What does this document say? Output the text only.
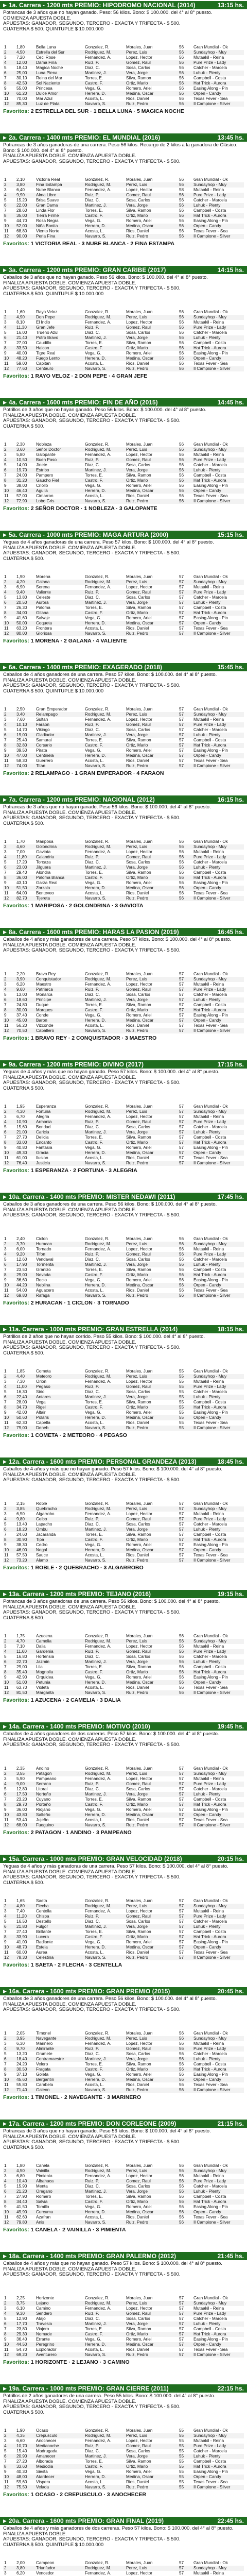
▶ 1a. Carrera - 1200 mts PREMIO: HIPODROMO NACIONAL (2014)	13:15 hs.
Potrancas de 3 años que no hayan ganado. Peso: 56 kilos. Bono: $ 100.000. del 4° al 8° puesto.
COMIENZA APUESTA DOBLE.
APUESTAS: GANADOR, SEGUNDO, TERCERO - EXACTA Y TRIFECTA - $ 500.
CUATERNA $ 500. QUINTUPLE $ 10.000.000
1	1,80	Bella Luna	Gonzalez, R.	Morales, Juan	56	Gran Mundial - Ok
2	4,50	Estrella del Sur	Rodriguez, M.	Perez, Luis	56	Sundayhop - Muy
3	7,20	Ceci Rose	Fernandez, A.	Lopez, Hector	56	Mutaakil - Reina
4	12,00	Dama Fina	Ruiz, P.	Gomez, Raul	56	Pure Prize - Lady
5	18,40	Magica Noche	Diaz, C.	Sosa, Carlos	56	Catcher - Marcela
6	25,00	Luna Plena	Martinez, J.	Vera, Jorge	56	Luhuk - Plenty
7	30,10	Reina del Mar	Torres, E.	Silva, Ramon	56	Campbell - Costa
8	42,50	Sol Naciente	Castro, F.	Ortiz, Mario	56	Hat Trick - Aurora
9	55,00	Princesa	Vega, G.	Romero, Ariel	56	Easing Along - Pin
10	61,20	Dulce Amor	Herrera, D.	Medina, Oscar	56	Orpen - Candy
11	70,00	Mar Azul	Acosta, L.	Rios, Daniel	56	Texas Fever - Sea
12	85,30	Luz de Plata	Navarro, S.	Ruiz, Pedro	56	Il Campione - Silver
Favoritos: 2 ESTRELLA DEL SUR · 1 BELLA LUNA · 5 MAGICA NOCHE
▶ 2a. Carrera - 1400 mts PREMIO: EL MUNDIAL (2016)	13:45 hs.
Potrancas de 3 años ganadoras de una carrera. Peso 56 kilos. Recargo de 2 kilos a la ganadora de Clásico.
Bono: $ 100.000. del 4° al 8° puesto.
FINALIZA APUESTA DOBLE. COMIENZA APUESTA DOBLE.
APUESTAS: GANADOR, SEGUNDO, TERCERO - EXACTA Y TRIFECTA - $ 500.
1	2,10	Victoria Real	Gonzalez, R.	Morales, Juan	56	Gran Mundial - Ok
2	3,80	Fina Estampa	Rodriguez, M.	Perez, Luis	56	Sundayhop - Muy
3	6,40	Nube Blanca	Fernandez, A.	Lopez, Hector	58	Mutaakil - Reina
4	9,90	Alma Libre	Ruiz, P.	Gomez, Raul	56	Pure Prize - Lady
5	15,20	Brisa Suave	Diaz, C.	Sosa, Carlos	56	Catcher - Marcela
6	22,00	Gran Dama	Martinez, J.	Vera, Jorge	56	Luhuk - Plenty
7	28,60	Linda Flor	Torres, E.	Silva, Ramon	56	Campbell - Costa
8	35,00	Tierra Firme	Castro, F.	Ortiz, Mario	56	Hat Trick - Aurora
9	44,70	Rosa Negra	Vega, G.	Romero, Ariel	56	Easing Along - Pin
10	52,00	Niña Bonita	Herrera, D.	Medina, Oscar	56	Orpen - Candy
11	68,80	Viento Norte	Acosta, L.	Rios, Daniel	56	Texas Fever - Sea
12	90,00	Perla Fina	Navarro, S.	Ruiz, Pedro	56	Il Campione - Silver
Favoritos: 1 VICTORIA REAL · 3 NUBE BLANCA · 2 FINA ESTAMPA
▶ 3a. Carrera - 1200 mts PREMIO: GRAN CARIBE (2017)	14:15 hs.
Caballos de 3 años que no hayan ganado. Peso 56 kilos. Bono: $ 100.000. del 4° al 8° puesto.
FINALIZA APUESTA DOBLE. COMIENZA APUESTA DOBLE.
APUESTAS: GANADOR, SEGUNDO, TERCERO - EXACTA Y TRIFECTA - $ 500.
CUATERNA $ 500. QUINTUPLE $ 10.000.000
1	1,60	Rayo Veloz	Gonzalez, R.	Morales, Juan	56	Gran Mundial - Ok
2	4,90	Don Pepe	Rodriguez, M.	Perez, Luis	56	Sundayhop - Muy
3	8,10	El Indio	Fernandez, A.	Lopez, Hector	56	Mutaakil - Reina
4	11,30	Gran Jefe	Ruiz, P.	Gomez, Raul	56	Pure Prize - Lady
5	16,00	Trueno Azul	Diaz, C.	Sosa, Carlos	56	Catcher - Marcela
6	21,40	Potro Bravo	Martinez, J.	Vera, Jorge	56	Luhuk - Plenty
7	27,00	Caudillo	Torres, E.	Silva, Ramon	56	Campbell - Costa
8	33,50	Halcon	Castro, F.	Ortiz, Mario	56	Hat Trick - Aurora
9	40,00	Tigre Real	Vega, G.	Romero, Ariel	56	Easing Along - Pin
10	48,20	Fuego Lento	Herrera, D.	Medina, Oscar	56	Orpen - Candy
11	59,00	Capitan	Acosta, L.	Rios, Daniel	56	Texas Fever - Sea
12	77,60	Centauro	Navarro, S.	Ruiz, Pedro	56	Il Campione - Silver
Favoritos: 1 RAYO VELOZ · 2 DON PEPE · 4 GRAN JEFE
▶ 4a. Carrera - 1600 mts PREMIO: FIN DE AÑO (2015)	14:45 hs.
Potrillos de 3 años que no hayan ganado. Peso 56 kilos. Bono: $ 100.000. del 4° al 8° puesto.
FINALIZA APUESTA DOBLE. COMIENZA APUESTA DOBLE.
APUESTAS: GANADOR, SEGUNDO, TERCERO - EXACTA Y TRIFECTA - $ 500.
CUATERNA $ 500.
1	2,30	Nobleza	Gonzalez, R.	Morales, Juan	56	Gran Mundial - Ok
2	3,60	Señor Doctor	Rodriguez, M.	Perez, Luis	56	Sundayhop - Muy
3	5,80	Galopante	Fernandez, A.	Lopez, Hector	56	Mutaakil - Reina
4	10,50	Buen Paso	Ruiz, P.	Gomez, Raul	56	Pure Prize - Lady
5	14,00	Jinete	Diaz, C.	Sosa, Carlos	56	Catcher - Marcela
6	19,70	Estribo	Martinez, J.	Vera, Jorge	56	Luhuk - Plenty
7	24,00	Pampero	Torres, E.	Silva, Ramon	56	Campbell - Costa
8	31,20	Gaucho Fiel	Castro, F.	Ortiz, Mario	56	Hat Trick - Aurora
9	38,00	Criollo	Vega, G.	Romero, Ariel	56	Easing Along - Pin
10	46,40	Aguila	Herrera, D.	Medina, Oscar	56	Orpen - Candy
11	57,00	Cimarron	Acosta, L.	Rios, Daniel	56	Texas Fever - Sea
12	72,90	Lobo Gris	Navarro, S.	Ruiz, Pedro	56	Il Campione - Silver
Favoritos: 2 SEÑOR DOCTOR · 1 NOBLEZA · 3 GALOPANTE
▶ 5a. Carrera - 1000 mts PREMIO: MAGA ARTURA (2000)	15:15 hs.
Yeguas de 4 años ganadoras de una carrera. Peso 57 kilos. Bono: $ 100.000. del 4° al 8° puesto.
FINALIZA APUESTA DOBLE. COMIENZA APUESTA DOBLE.
APUESTAS: GANADOR, SEGUNDO, TERCERO - EXACTA Y TRIFECTA - $ 500.
CUATERNA $ 500.
1	1,90	Morena	Gonzalez, R.	Morales, Juan	57	Gran Mundial - Ok
2	4,20	Galana	Rodriguez, M.	Perez, Luis	57	Sundayhop - Muy
3	6,90	Serena	Fernandez, A.	Lopez, Hector	57	Mutaakil - Reina
4	9,40	Valiente	Ruiz, P.	Gomez, Raul	57	Pure Prize - Lady
5	13,80	Celeste	Diaz, C.	Sosa, Carlos	57	Catcher - Marcela
6	20,50	Aurora	Martinez, J.	Vera, Jorge	57	Luhuk - Plenty
7	26,30	Paloma	Torres, E.	Silva, Ramon	57	Campbell - Costa
8	34,00	Gitana	Castro, F.	Ortiz, Mario	57	Hat Trick - Aurora
9	41,60	Salvaje	Vega, G.	Romero, Ariel	57	Easing Along - Pin
10	50,00	Coqueta	Herrera, D.	Medina, Oscar	57	Orpen - Candy
11	63,20	Frontera	Acosta, L.	Rios, Daniel	57	Texas Fever - Sea
12	80,00	Gloriosa	Navarro, S.	Ruiz, Pedro	57	Il Campione - Silver
Favoritos: 1 MORENA · 2 GALANA · 4 VALIENTE
▶ 6a. Carrera - 1400 mts PREMIO: EXAGERADO (2018)	15:45 hs.
Caballos de 4 años ganadores de una carrera. Peso 57 kilos. Bono: $ 100.000. del 4° al 8° puesto.
FINALIZA APUESTA DOBLE. COMIENZA APUESTA DOBLE.
APUESTAS: GANADOR, SEGUNDO, TERCERO - EXACTA Y TRIFECTA - $ 500.
CUATERNA $ 500. QUINTUPLE $ 10.000.000
1	2,50	Gran Emperador	Gonzalez, R.	Morales, Juan	57	Gran Mundial - Ok
2	3,40	Relampago	Rodriguez, M.	Perez, Luis	57	Sundayhop - Muy
3	7,60	Sultan	Fernandez, A.	Lopez, Hector	57	Mutaakil - Reina
4	10,10	Faraon	Ruiz, P.	Gomez, Raul	57	Pure Prize - Lady
5	14,70	Vikingo	Diaz, C.	Sosa, Carlos	57	Catcher - Marcela
6	19,00	Gladiador	Martinez, J.	Vera, Jorge	57	Luhuk - Plenty
7	25,40	Samurai	Torres, E.	Silva, Ramon	57	Campbell - Costa
8	32,80	Corsario	Castro, F.	Ortiz, Mario	57	Hat Trick - Aurora
9	39,50	Pirata	Vega, G.	Romero, Ariel	57	Easing Along - Pin
10	47,00	Centinela	Herrera, D.	Medina, Oscar	57	Orpen - Candy
11	58,30	Guerrero	Acosta, L.	Rios, Daniel	57	Texas Fever - Sea
12	74,00	Titan	Navarro, S.	Ruiz, Pedro	57	Il Campione - Silver
Favoritos: 2 RELAMPAGO · 1 GRAN EMPERADOR · 4 FARAON
▶ 7a. Carrera - 1200 mts PREMIO: NACIONAL (2012)	16:15 hs.
Potrancas de 3 años que no hayan ganado. Peso 56 kilos. Bono: $ 100.000. del 4° al 8° puesto.
FINALIZA APUESTA DOBLE. COMIENZA APUESTA DOBLE.
APUESTAS: GANADOR, SEGUNDO, TERCERO - EXACTA Y TRIFECTA - $ 500.
CUATERNA $ 500.
1	1,70	Mariposa	Gonzalez, R.	Morales, Juan	56	Gran Mundial - Ok
2	4,60	Golondrina	Rodriguez, M.	Perez, Luis	56	Sundayhop - Muy
3	7,00	Gaviota	Fernandez, A.	Lopez, Hector	56	Mutaakil - Reina
4	11,80	Calandria	Ruiz, P.	Gomez, Raul	56	Pure Prize - Lady
5	17,20	Torcaza	Diaz, C.	Sosa, Carlos	56	Catcher - Marcela
6	23,00	Jilguera	Martinez, J.	Vera, Jorge	56	Luhuk - Plenty
7	29,40	Alondra	Torres, E.	Silva, Ramon	56	Campbell - Costa
8	36,00	Paloma Blanca	Castro, F.	Ortiz, Mario	56	Hat Trick - Aurora
9	43,10	Garza Real	Vega, G.	Romero, Ariel	56	Easing Along - Pin
10	51,50	Zorzala	Herrera, D.	Medina, Oscar	56	Orpen - Candy
11	64,00	Benteveo	Acosta, L.	Rios, Daniel	56	Texas Fever - Sea
12	82,70	Tijereta	Navarro, S.	Ruiz, Pedro	56	Il Campione - Silver
Favoritos: 1 MARIPOSA · 2 GOLONDRINA · 3 GAVIOTA
▶ 8a. Carrera - 1600 mts PREMIO: HARAS LA PASION (2019)	16:45 hs.
Caballos de 4 años y más ganadores de una carrera. Peso 57 kilos. Bono: $ 100.000. del 4° al 8° puesto.
FINALIZA APUESTA DOBLE. COMIENZA APUESTA DOBLE.
APUESTAS: GANADOR, SEGUNDO, TERCERO - EXACTA Y TRIFECTA - $ 500.
1	2,20	Bravo Rey	Gonzalez, R.	Morales, Juan	57	Gran Mundial - Ok
2	3,90	Conquistador	Rodriguez, M.	Perez, Luis	57	Sundayhop - Muy
3	6,20	Maestro	Fernandez, A.	Lopez, Hector	57	Mutaakil - Reina
4	9,60	Patriarca	Ruiz, P.	Gomez, Raul	57	Pure Prize - Lady
5	13,00	Monarca	Diaz, C.	Sosa, Carlos	57	Catcher - Marcela
6	18,60	Principe	Martinez, J.	Vera, Jorge	57	Luhuk - Plenty
7	24,80	Duque	Torres, E.	Silva, Ramon	57	Campbell - Costa
8	30,00	Marques	Castro, F.	Ortiz, Mario	57	Hat Trick - Aurora
9	37,40	Conde	Vega, G.	Romero, Ariel	57	Easing Along - Pin
10	45,00	Baron	Herrera, D.	Medina, Oscar	57	Orpen - Candy
11	56,20	Vizconde	Acosta, L.	Rios, Daniel	57	Texas Fever - Sea
12	70,50	Caballero	Navarro, S.	Ruiz, Pedro	57	Il Campione - Silver
Favoritos: 1 BRAVO REY · 2 CONQUISTADOR · 3 MAESTRO
▶ 9a. Carrera - 1200 mts PREMIO: DIVINO (2017)	17:15 hs.
Yeguas de 4 años y más que no hayan ganado. Peso 57 kilos. Bono: $ 100.000. del 4° al 8° puesto.
FINALIZA APUESTA DOBLE. COMIENZA APUESTA DOBLE.
APUESTAS: GANADOR, SEGUNDO, TERCERO - EXACTA Y TRIFECTA - $ 500.
CUATERNA $ 500.
1	1,95	Esperanza	Gonzalez, R.	Morales, Juan	57	Gran Mundial - Ok
2	4,30	Fortuna	Rodriguez, M.	Perez, Luis	57	Sundayhop - Muy
3	6,70	Alegria	Fernandez, A.	Lopez, Hector	57	Mutaakil - Reina
4	10,90	Armonia	Ruiz, P.	Gomez, Raul	57	Pure Prize - Lady
5	15,60	Bondad	Diaz, C.	Sosa, Carlos	57	Catcher - Marcela
6	21,00	Caricia	Martinez, J.	Vera, Jorge	57	Luhuk - Plenty
7	27,70	Delicia	Torres, E.	Silva, Ramon	57	Campbell - Costa
8	33,00	Encanto	Castro, F.	Ortiz, Mario	57	Hat Trick - Aurora
9	40,80	Fantasia	Vega, G.	Romero, Ariel	57	Easing Along - Pin
10	49,30	Gracia	Herrera, D.	Medina, Oscar	57	Orpen - Candy
11	61,00	Ilusion	Acosta, L.	Rios, Daniel	57	Texas Fever - Sea
12	76,40	Justicia	Navarro, S.	Ruiz, Pedro	57	Il Campione - Silver
Favoritos: 1 ESPERANZA · 2 FORTUNA · 3 ALEGRIA
▶ 10a. Carrera - 1400 mts PREMIO: MISTER NEDAWI (2011)	17:45 hs.
Caballos de 3 años ganadores de una carrera. Peso 56 kilos. Bono: $ 100.000. del 4° al 8° puesto.
FINALIZA APUESTA DOBLE. COMIENZA APUESTA DOBLE.
APUESTAS: GANADOR, SEGUNDO, TERCERO - EXACTA Y TRIFECTA - $ 500.
1	2,40	Ciclon	Gonzalez, R.	Morales, Juan	56	Gran Mundial - Ok
2	3,70	Huracan	Rodriguez, M.	Perez, Luis	56	Sundayhop - Muy
3	6,00	Tornado	Fernandez, A.	Lopez, Hector	56	Mutaakil - Reina
4	9,20	Tifon	Ruiz, P.	Gomez, Raul	56	Pure Prize - Lady
5	12,60	Vendaval	Diaz, C.	Sosa, Carlos	56	Catcher - Marcela
6	17,90	Tormenta	Martinez, J.	Vera, Jorge	56	Luhuk - Plenty
7	23,50	Granizo	Torres, E.	Silva, Ramon	56	Campbell - Costa
8	29,00	Nevada	Castro, F.	Ortiz, Mario	56	Hat Trick - Aurora
9	36,60	Rocio	Vega, G.	Romero, Ariel	56	Easing Along - Pin
10	44,20	Neblina	Herrera, D.	Medina, Oscar	56	Orpen - Candy
11	54,00	Aguacero	Acosta, L.	Rios, Daniel	56	Texas Fever - Sea
12	69,80	Rafaga	Navarro, S.	Ruiz, Pedro	56	Il Campione - Silver
Favoritos: 2 HURACAN · 1 CICLON · 3 TORNADO
▶ 11a. Carrera - 1000 mts PREMIO: GRAN ESTRELLA (2014)	18:15 hs.
Potrillos de 2 años que no hayan corrido. Peso 55 kilos. Bono: $ 100.000. del 4° al 8° puesto.
FINALIZA APUESTA DOBLE. COMIENZA APUESTA DOBLE.
APUESTAS: GANADOR, SEGUNDO, TERCERO - EXACTA Y TRIFECTA - $ 500.
CUATERNA $ 500.
1	1,85	Cometa	Gonzalez, R.	Morales, Juan	55	Gran Mundial - Ok
2	4,40	Meteoro	Rodriguez, M.	Perez, Luis	55	Sundayhop - Muy
3	7,30	Orion	Fernandez, A.	Lopez, Hector	55	Mutaakil - Reina
4	11,00	Pegaso	Ruiz, P.	Gomez, Raul	55	Pure Prize - Lady
5	16,30	Sirio	Diaz, C.	Sosa, Carlos	55	Catcher - Marcela
6	22,40	Antares	Martinez, J.	Vera, Jorge	55	Luhuk - Plenty
7	28,00	Vega	Torres, E.	Silva, Ramon	55	Campbell - Costa
8	34,70	Rigel	Castro, F.	Ortiz, Mario	55	Hat Trick - Aurora
9	42,00	Altair	Vega, G.	Romero, Ariel	55	Easing Along - Pin
10	50,60	Polaris	Herrera, D.	Medina, Oscar	55	Orpen - Candy
11	62,30	Capella	Acosta, L.	Rios, Daniel	55	Texas Fever - Sea
12	79,00	Deneb	Navarro, S.	Ruiz, Pedro	55	Il Campione - Silver
Favoritos: 1 COMETA · 2 METEORO · 4 PEGASO
▶ 12a. Carrera - 1600 mts PREMIO: PERSONAL GRANDEZA (2013)	18:45 hs.
Caballos de 4 años y más que no hayan ganado. Peso 57 kilos. Bono: $ 100.000. del 4° al 8° puesto.
FINALIZA APUESTA DOBLE. COMIENZA APUESTA DOBLE.
APUESTAS: GANADOR, SEGUNDO, TERCERO - EXACTA Y TRIFECTA - $ 500.
1	2,15	Roble	Gonzalez, R.	Morales, Juan	57	Gran Mundial - Ok
2	3,85	Quebracho	Rodriguez, M.	Perez, Luis	57	Sundayhop - Muy
3	6,50	Algarrobo	Fernandez, A.	Lopez, Hector	57	Mutaakil - Reina
4	9,80	Ceibo	Ruiz, P.	Gomez, Raul	57	Pure Prize - Lady
5	13,40	Lapacho	Diaz, C.	Sosa, Carlos	57	Catcher - Marcela
6	18,20	Ombu	Martinez, J.	Vera, Jorge	57	Luhuk - Plenty
7	24,60	Jacaranda	Torres, E.	Silva, Ramon	57	Campbell - Costa
8	30,90	Tipa	Castro, F.	Ortiz, Mario	57	Hat Trick - Aurora
9	38,30	Cedro	Vega, G.	Romero, Ariel	57	Easing Along - Pin
10	46,00	Nogal	Herrera, D.	Medina, Oscar	57	Orpen - Candy
11	57,50	Sauce	Acosta, L.	Rios, Daniel	57	Texas Fever - Sea
12	73,20	Alamo	Navarro, S.	Ruiz, Pedro	57	Il Campione - Silver
Favoritos: 1 ROBLE · 2 QUEBRACHO · 3 ALGARROBO
▶ 13a. Carrera - 1200 mts PREMIO: TEJANO (2016)	19:15 hs.
Potrancas de 3 años ganadoras de una carrera. Peso 56 kilos. Bono: $ 100.000. del 4° al 8° puesto.
FINALIZA APUESTA DOBLE. COMIENZA APUESTA DOBLE.
APUESTAS: GANADOR, SEGUNDO, TERCERO - EXACTA Y TRIFECTA - $ 500.
CUATERNA $ 500.
1	1,75	Azucena	Gonzalez, R.	Morales, Juan	56	Gran Mundial - Ok
2	4,70	Camelia	Rodriguez, M.	Perez, Luis	56	Sundayhop - Muy
3	7,10	Dalia	Fernandez, A.	Lopez, Hector	56	Mutaakil - Reina
4	11,60	Gardenia	Ruiz, P.	Gomez, Raul	56	Pure Prize - Lady
5	16,80	Hortensia	Diaz, C.	Sosa, Carlos	56	Catcher - Marcela
6	22,70	Jazmin	Martinez, J.	Vera, Jorge	56	Luhuk - Plenty
7	29,00	Lila	Torres, E.	Silva, Ramon	56	Campbell - Costa
8	35,40	Magnolia	Castro, F.	Ortiz, Mario	56	Hat Trick - Aurora
9	42,90	Orquidea	Vega, G.	Romero, Ariel	56	Easing Along - Pin
10	51,00	Petunia	Herrera, D.	Medina, Oscar	56	Orpen - Candy
11	63,70	Violeta	Acosta, L.	Rios, Daniel	56	Texas Fever - Sea
12	81,50	Margarita	Navarro, S.	Ruiz, Pedro	56	Il Campione - Silver
Favoritos: 1 AZUCENA · 2 CAMELIA · 3 DALIA
▶ 14a. Carrera - 1400 mts PREMIO: MOTIVO (2010)	19:45 hs.
Caballos de 4 años ganadores de dos carreras. Peso 57 kilos. Bono: $ 100.000. del 4° al 8° puesto.
FINALIZA APUESTA DOBLE. COMIENZA APUESTA DOBLE.
APUESTAS: GANADOR, SEGUNDO, TERCERO - EXACTA Y TRIFECTA - $ 500.
1	2,35	Andino	Gonzalez, R.	Morales, Juan	57	Gran Mundial - Ok
2	3,55	Patagon	Rodriguez, M.	Perez, Luis	57	Sundayhop - Muy
3	5,90	Pampeano	Fernandez, A.	Lopez, Hector	57	Mutaakil - Reina
4	9,00	Serrano	Ruiz, P.	Gomez, Raul	57	Pure Prize - Lady
5	12,80	Litoral	Diaz, C.	Sosa, Carlos	57	Catcher - Marcela
6	17,50	Norteño	Martinez, J.	Vera, Jorge	57	Luhuk - Plenty
7	23,20	Cuyano	Torres, E.	Silva, Ramon	57	Campbell - Costa
8	29,70	Porteño	Castro, F.	Ortiz, Mario	57	Hat Trick - Aurora
9	36,00	Riojano	Vega, G.	Romero, Ariel	57	Easing Along - Pin
10	43,80	Salteño	Herrera, D.	Medina, Oscar	57	Orpen - Candy
11	53,40	Jujeño	Acosta, L.	Rios, Daniel	57	Texas Fever - Sea
12	68,00	Fueguino	Navarro, S.	Ruiz, Pedro	57	Il Campione - Silver
Favoritos: 2 PATAGON · 1 ANDINO · 3 PAMPEANO
▶ 15a. Carrera - 1000 mts PREMIO: GRAN VELOCIDAD (2018)	20:15 hs.
Yeguas de 4 años y más ganadoras de una carrera. Peso 57 kilos. Bono: $ 100.000. del 4° al 8° puesto.
FINALIZA APUESTA DOBLE. COMIENZA APUESTA DOBLE.
APUESTAS: GANADOR, SEGUNDO, TERCERO - EXACTA Y TRIFECTA - $ 500.
CUATERNA $ 500.
1	1,65	Saeta	Gonzalez, R.	Morales, Juan	57	Gran Mundial - Ok
2	4,80	Flecha	Rodriguez, M.	Perez, Luis	57	Sundayhop - Muy
3	7,40	Centella	Fernandez, A.	Lopez, Hector	57	Mutaakil - Reina
4	11,20	Chispa	Ruiz, P.	Gomez, Raul	57	Pure Prize - Lady
5	16,50	Destello	Diaz, C.	Sosa, Carlos	57	Catcher - Marcela
6	21,80	Fulgor	Martinez, J.	Vera, Jorge	57	Luhuk - Plenty
7	27,40	Brillante	Torres, E.	Silva, Ramon	57	Campbell - Costa
8	33,90	Lucera	Castro, F.	Ortiz, Mario	57	Hat Trick - Aurora
9	41,00	Radiante	Vega, G.	Romero, Ariel	57	Easing Along - Pin
10	48,70	Estela	Herrera, D.	Medina, Oscar	57	Orpen - Candy
11	60,00	Aurea	Acosta, L.	Rios, Daniel	57	Texas Fever - Sea
12	78,30	Celestina	Navarro, S.	Ruiz, Pedro	57	Il Campione - Silver
Favoritos: 1 SAETA · 2 FLECHA · 3 CENTELLA
▶ 16a. Carrera - 1600 mts PREMIO: GRAN PREMIO (2015)	20:45 hs.
Caballos de 3 años ganadores de una carrera. Peso 56 kilos. Bono: $ 100.000. del 4° al 8° puesto.
FINALIZA APUESTA DOBLE. COMIENZA APUESTA DOBLE.
APUESTAS: GANADOR, SEGUNDO, TERCERO - EXACTA Y TRIFECTA - $ 500.
1	2,05	Timonel	Gonzalez, R.	Morales, Juan	56	Gran Mundial - Ok
2	3,95	Navegante	Rodriguez, M.	Perez, Luis	56	Sundayhop - Muy
3	6,30	Marinero	Fernandez, A.	Lopez, Hector	56	Mutaakil - Reina
4	9,70	Almirante	Ruiz, P.	Gomez, Raul	56	Pure Prize - Lady
5	13,20	Grumete	Diaz, C.	Sosa, Carlos	56	Catcher - Marcela
6	18,40	Contramaestre	Martinez, J.	Vera, Jorge	56	Luhuk - Plenty
7	24,20	Velero	Torres, E.	Silva, Ramon	56	Campbell - Costa
8	30,50	Fragata	Castro, F.	Ortiz, Mario	56	Hat Trick - Aurora
9	37,10	Goleta	Vega, G.	Romero, Ariel	56	Easing Along - Pin
10	45,60	Bergantin	Herrera, D.	Medina, Oscar	56	Orpen - Candy
11	55,80	Carabela	Acosta, L.	Rios, Daniel	56	Texas Fever - Sea
12	71,40	Galeon	Navarro, S.	Ruiz, Pedro	56	Il Campione - Silver
Favoritos: 1 TIMONEL · 2 NAVEGANTE · 3 MARINERO
▶ 17a. Carrera - 1200 mts PREMIO: DON CORLEONE (2009)	21:15 hs.
Potrancas de 3 años que no hayan ganado. Peso 56 kilos. Bono: $ 100.000. del 4° al 8° puesto.
FINALIZA APUESTA DOBLE. COMIENZA APUESTA DOBLE.
APUESTAS: GANADOR, SEGUNDO, TERCERO - EXACTA Y TRIFECTA - $ 500.
CUATERNA $ 500.
1	1,80	Canela	Gonzalez, R.	Morales, Juan	56	Gran Mundial - Ok
2	4,50	Vainilla	Rodriguez, M.	Perez, Luis	56	Sundayhop - Muy
3	6,80	Pimienta	Fernandez, A.	Lopez, Hector	56	Mutaakil - Reina
4	10,40	Albahaca	Ruiz, P.	Gomez, Raul	56	Pure Prize - Lady
5	15,90	Menta	Diaz, C.	Sosa, Carlos	56	Catcher - Marcela
6	21,20	Oregano	Martinez, J.	Vera, Jorge	56	Luhuk - Plenty
7	27,90	Romero	Torres, E.	Silva, Ramon	56	Campbell - Costa
8	34,40	Salvia	Castro, F.	Ortiz, Mario	56	Hat Trick - Aurora
9	41,50	Tomillo	Vega, G.	Romero, Ariel	56	Easing Along - Pin
10	49,90	Curcuma	Herrera, D.	Medina, Oscar	56	Orpen - Candy
11	62,60	Azafran	Acosta, L.	Rios, Daniel	56	Texas Fever - Sea
12	79,80	Anis	Navarro, S.	Ruiz, Pedro	56	Il Campione - Silver
Favoritos: 1 CANELA · 2 VAINILLA · 3 PIMIENTA
▶ 18a. Carrera - 1400 mts PREMIO: GRAN PALERMO (2012)	21:45 hs.
Caballos de 4 años y más que no hayan ganado. Peso 57 kilos. Bono: $ 100.000. del 4° al 8° puesto.
FINALIZA APUESTA DOBLE. COMIENZA APUESTA DOBLE.
APUESTAS: GANADOR, SEGUNDO, TERCERO - EXACTA Y TRIFECTA - $ 500.
1	2,25	Horizonte	Gonzalez, R.	Morales, Juan	57	Gran Mundial - Ok
2	3,75	Lejano	Rodriguez, M.	Perez, Luis	57	Sundayhop - Muy
3	6,10	Camino	Fernandez, A.	Lopez, Hector	57	Mutaakil - Reina
4	9,30	Sendero	Ruiz, P.	Gomez, Raul	57	Pure Prize - Lady
5	12,90	Atajo	Diaz, C.	Sosa, Carlos	57	Catcher - Marcela
6	17,70	Travesia	Martinez, J.	Vera, Jorge	57	Luhuk - Plenty
7	23,80	Viajero	Torres, E.	Silva, Ramon	57	Campbell - Costa
8	29,30	Nomade	Castro, F.	Ortiz, Mario	57	Hat Trick - Aurora
9	36,40	Errante	Vega, G.	Romero, Ariel	57	Easing Along - Pin
10	44,50	Peregrino	Herrera, D.	Medina, Oscar	57	Orpen - Candy
11	54,70	Explorador	Acosta, L.	Rios, Daniel	57	Texas Fever - Sea
12	69,20	Aventurero	Navarro, S.	Ruiz, Pedro	57	Il Campione - Silver
Favoritos: 1 HORIZONTE · 2 LEJANO · 3 CAMINO
▶ 19a. Carrera - 1000 mts PREMIO: GRAN CIERRE (2011)	22:15 hs.
Potrillos de 2 años ganadores de una carrera. Peso 55 kilos. Bono: $ 100.000. del 4° al 8° puesto.
FINALIZA APUESTA DOBLE. COMIENZA APUESTA DOBLE.
APUESTAS: GANADOR, SEGUNDO, TERCERO - EXACTA Y TRIFECTA - $ 500.
CUATERNA $ 500.
1	1,90	Ocaso	Gonzalez, R.	Morales, Juan	55	Gran Mundial - Ok
2	4,35	Crepusculo	Rodriguez, M.	Perez, Luis	55	Sundayhop - Muy
3	6,60	Anochecer	Fernandez, A.	Lopez, Hector	55	Mutaakil - Reina
4	10,70	Medianoche	Ruiz, P.	Gomez, Raul	55	Pure Prize - Lady
5	15,40	Madrugada	Diaz, C.	Sosa, Carlos	55	Catcher - Marcela
6	20,90	Amanecer	Martinez, J.	Vera, Jorge	55	Luhuk - Plenty
7	27,20	Alborada	Torres, E.	Silva, Ramon	55	Campbell - Costa
8	33,60	Mediodia	Castro, F.	Ortiz, Mario	55	Hat Trick - Aurora
9	40,30	Siesta	Vega, G.	Romero, Ariel	55	Easing Along - Pin
10	48,00	Atardecer	Herrera, D.	Medina, Oscar	55	Orpen - Candy
11	59,60	Vispera	Acosta, L.	Rios, Daniel	55	Texas Fever - Sea
12	75,50	Velada	Navarro, S.	Ruiz, Pedro	55	Il Campione - Silver
Favoritos: 1 OCASO · 2 CREPUSCULO · 3 ANOCHECER
▶ 20a. Carrera - 1600 mts PREMIO: GRAN FINAL (2019)	22:45 hs.
Caballos de 4 años y más ganadores de dos carreras. Peso 57 kilos. Bono: $ 100.000. del 4° al 8° puesto.
FINALIZA APUESTA DOBLE.
APUESTAS: GANADOR, SEGUNDO, TERCERO - EXACTA Y TRIFECTA - $ 500.
CUATERNA $ 500. QUINTUPLE $ 10.000.000
1	2,00	Campeon	Gonzalez, R.	Morales, Juan	57	Gran Mundial - Ok
2	3,80	Triunfador	Rodriguez, M.	Perez, Luis	57	Sundayhop - Muy
3	6,20	Vencedor	Fernandez, A.	Lopez, Hector	57	Mutaakil - Reina
